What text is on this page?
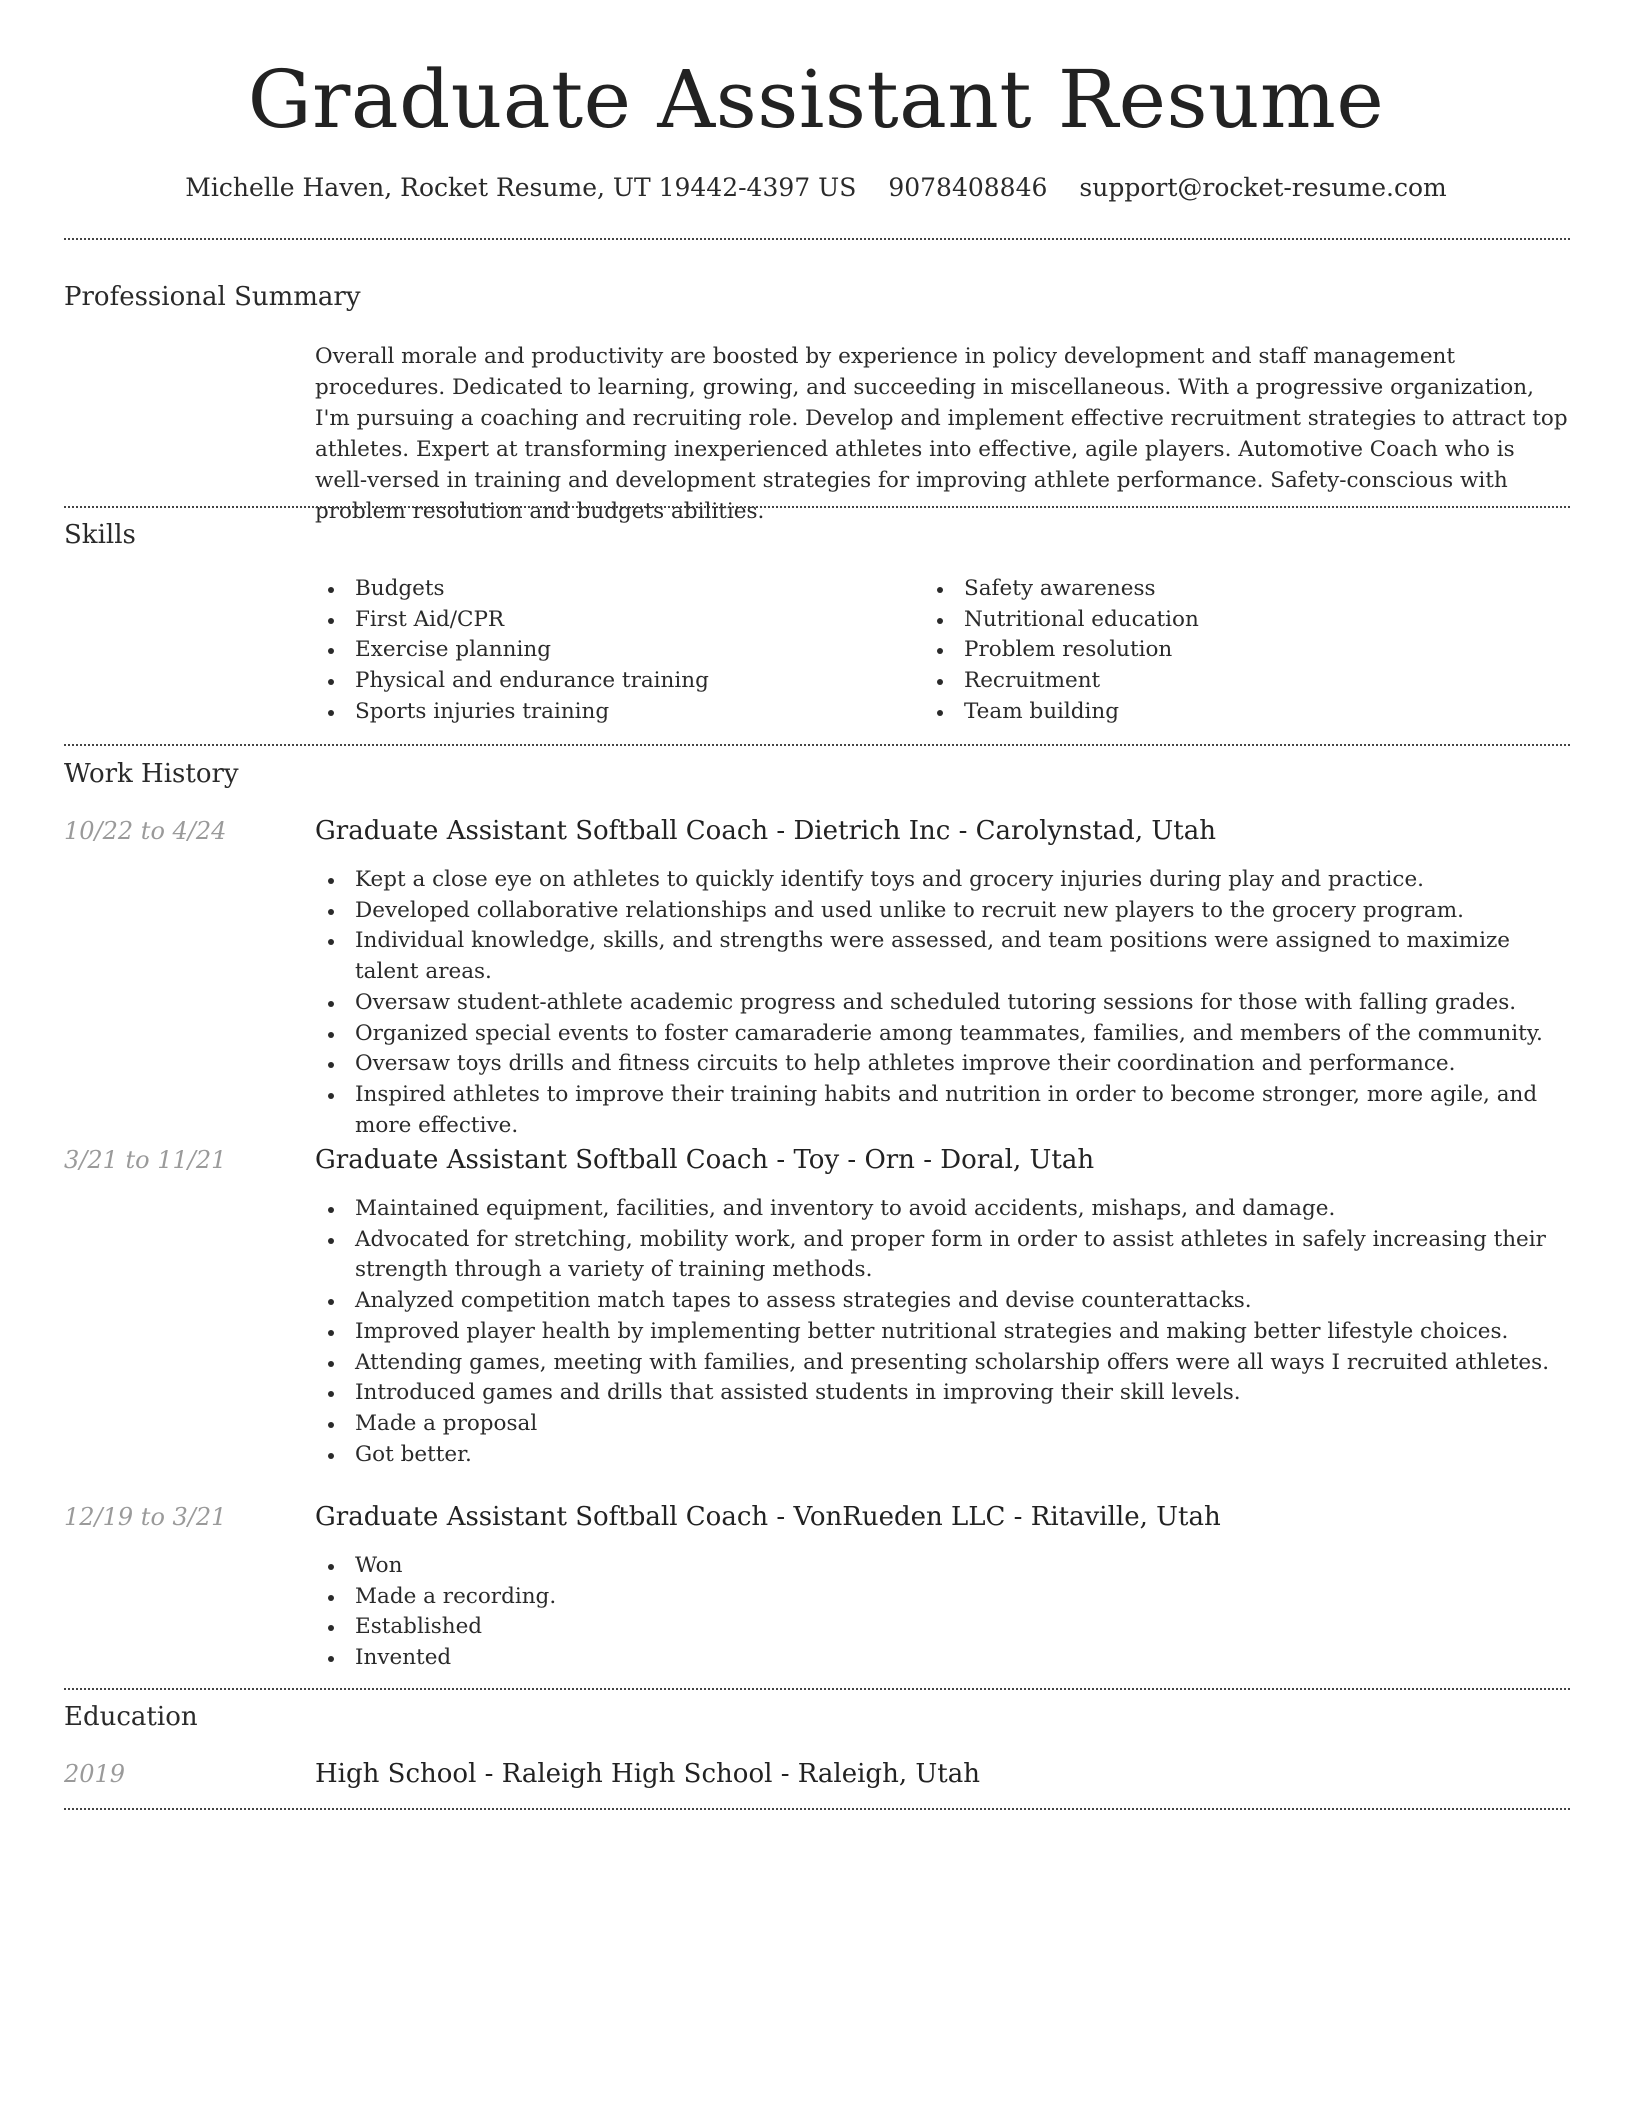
Graduate Assistant Resume
Michelle Haven, Rocket Resume, UT 19442-4397 US 9078408846 support@rocket-resume.com
Professional Summary

Overall morale and productivity are boosted by experience in policy development and staff management procedures. Dedicated to learning, growing, and succeeding in miscellaneous. With a progressive organization, I'm pursuing a coaching and recruiting role. Develop and implement effective recruitment strategies to attract top athletes. Expert at transforming inexperienced athletes into effective, agile players. Automotive Coach who is well-versed in training and development strategies for improving athlete performance. Safety-conscious with problem resolution and budgets abilities.

Skills
Budgets
First Aid/CPR
Exercise planning
Physical and endurance training
Sports injuries training
Safety awareness
Nutritional education
Problem resolution
Recruitment
Team building
Work History
10/22 to 4/24	Graduate Assistant Softball Coach - Dietrich Inc - Carolynstad, Utah
Kept a close eye on athletes to quickly identify toys and grocery injuries during play and practice.
Developed collaborative relationships and used unlike to recruit new players to the grocery program.
Individual knowledge, skills, and strengths were assessed, and team positions were assigned to maximize talent areas.
Oversaw student-athlete academic progress and scheduled tutoring sessions for those with falling grades.
Organized special events to foster camaraderie among teammates, families, and members of the community.
Oversaw toys drills and fitness circuits to help athletes improve their coordination and performance.
Inspired athletes to improve their training habits and nutrition in order to become stronger, more agile, and more effective.
3/21 to 11/21	Graduate Assistant Softball Coach - Toy - Orn - Doral, Utah
Maintained equipment, facilities, and inventory to avoid accidents, mishaps, and damage.
Advocated for stretching, mobility work, and proper form in order to assist athletes in safely increasing their strength through a variety of training methods.
Analyzed competition match tapes to assess strategies and devise counterattacks.
Improved player health by implementing better nutritional strategies and making better lifestyle choices.
Attending games, meeting with families, and presenting scholarship offers were all ways I recruited athletes.
Introduced games and drills that assisted students in improving their skill levels.
Made a proposal
Got better.
12/19 to 3/21	Graduate Assistant Softball Coach - VonRueden LLC - Ritaville, Utah
Won
Made a recording.
Established
Invented
Education
2019	High School - Raleigh High School - Raleigh, Utah
